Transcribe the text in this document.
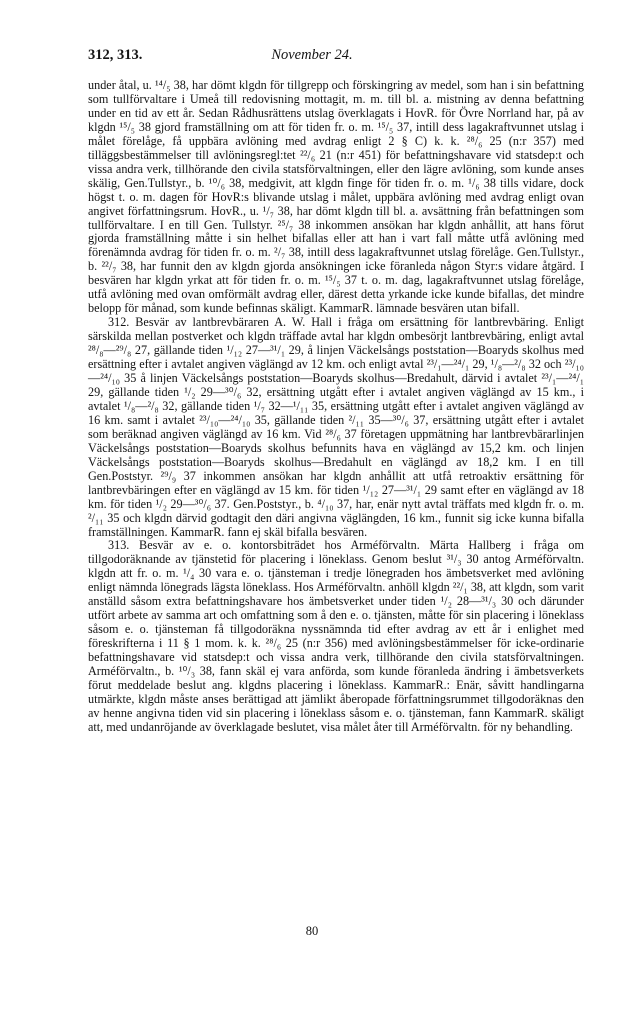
312, 313.	November 24.

under åtal, u. ¹⁴/₅ 38, har dömt klgdn för tillgrepp och förskingring av medel, som han i sin befattning som tullförvaltare i Umeå till redovisning mottagit, m. m. till bl. a. mistning av denna befattning under en tid av ett år. Sedan Rådhusrättens utslag överklagats i HovR. för Övre Norrland har, på av klgdn ¹⁵/₅ 38 gjord framställning om att för tiden fr. o. m. ¹⁵/₅ 37, intill dess lagakraftvunnet utslag i målet förelåge, få uppbära avlöning med avdrag enligt 2 § C) k. k. ²⁸/₆ 25 (n:r 357) med tilläggsbestämmelser till avlöningsregl:tet ²²/₆ 21 (n:r 451) för befattningshavare vid statsdep:t och vissa andra verk, tillhörande den civila statsförvaltningen, eller den lägre avlöning, som kunde anses skälig, Gen.Tullstyr., b. ¹⁰/₆ 38, medgivit, att klgdn finge för tiden fr. o. m. ¹/₆ 38 tills vidare, dock högst t. o. m. dagen för HovR:s blivande utslag i målet, uppbära avlöning med avdrag enligt ovan angivet författningsrum. HovR., u. ¹/₇ 38, har dömt klgdn till bl. a. avsättning från befattningen som tullförvaltare. I en till Gen. Tullstyr. ²⁵/₇ 38 inkommen ansökan har klgdn anhållit, att hans förut gjorda framställning måtte i sin helhet bifallas eller att han i vart fall måtte utfå avlöning med förenämnda avdrag för tiden fr. o. m. ²/₇ 38, intill dess lagakraftvunnet utslag förelåge. Gen.Tullstyr., b. ²²/₇ 38, har funnit den av klgdn gjorda ansökningen icke föranleda någon Styr:s vidare åtgärd. I besvären har klgdn yrkat att för tiden fr. o. m. ¹⁵/₅ 37 t. o. m. dag, lagakraftvunnet utslag förelåge, utfå avlöning med ovan omförmält avdrag eller, därest detta yrkande icke kunde bifallas, det mindre belopp för månad, som kunde befinnas skäligt. KammarR. lämnade besvären utan bifall.

312. Besvär av lantbrevbäraren A. W. Hall i fråga om ersättning för lantbrevbäring. Enligt särskilda mellan postverket och klgdn träffade avtal har klgdn ombesörjt lantbrevbäring, enligt avtal ²⁸/₈—²⁹/₈ 27, gällande tiden ¹/₁₂ 27—³¹/₁ 29, å linjen Väckelsångs poststation—Boaryds skolhus med ersättning efter i avtalet angiven väglängd av 12 km. och enligt avtal ²³/₁—²⁴/₁ 29, ¹/₈—²/₈ 32 och ²³/₁₀—²⁴/₁₀ 35 å linjen Väckelsångs poststation—Boaryds skolhus—Bredahult, därvid i avtalet ²³/₁—²⁴/₁ 29, gällande tiden ¹/₂ 29—³⁰/₆ 32, ersättning utgått efter i avtalet angiven väglängd av 15 km., i avtalet ¹/₈—²/₈ 32, gällande tiden ¹/₇ 32—¹/₁₁ 35, ersättning utgått efter i avtalet angiven väglängd av 16 km. samt i avtalet ²³/₁₀—²⁴/₁₀ 35, gällande tiden ²/₁₁ 35—³⁰/₆ 37, ersättning utgått efter i avtalet som beräknad angiven väglängd av 16 km. Vid ²⁸/₆ 37 företagen uppmätning har lantbrevbärarlinjen Väckelsångs poststation—Boaryds skolhus befunnits hava en väglängd av 15,2 km. och linjen Väckelsångs poststation—Boaryds skolhus—Bredahult en väglängd av 18,2 km. I en till Gen.Poststyr. ²⁹/₉ 37 inkommen ansökan har klgdn anhållit att utfå retroaktiv ersättning för lantbrevbäringen efter en väglängd av 15 km. för tiden ¹/₁₂ 27—³¹/₁ 29 samt efter en väglängd av 18 km. för tiden ¹/₂ 29—³⁰/₆ 37. Gen.Poststyr., b. ⁴/₁₀ 37, har, enär nytt avtal träffats med klgdn fr. o. m. ²/₁₁ 35 och klgdn därvid godtagit den däri angivna väglängden, 16 km., funnit sig icke kunna bifalla framställningen. KammarR. fann ej skäl bifalla besvären.

313. Besvär av e. o. kontorsbiträdet hos Arméförvaltn. Märta Hallberg i fråga om tillgodoräknande av tjänstetid för placering i löneklass. Genom beslut ³¹/₃ 30 antog Arméförvaltn. klgdn att fr. o. m. ¹/₄ 30 vara e. o. tjänsteman i tredje lönegraden hos ämbetsverket med avlöning enligt nämnda lönegrads lägsta löneklass. Hos Arméförvaltn. anhöll klgdn ²²/₁ 38, att klgdn, som varit anställd såsom extra befattningshavare hos ämbetsverket under tiden ¹/₂ 28—³¹/₃ 30 och därunder utfört arbete av samma art och omfattning som å den e. o. tjänsten, måtte för sin placering i löneklass såsom e. o. tjänsteman få tillgodoräkna nyssnämnda tid efter avdrag av ett år i enlighet med föreskrifterna i 11 § 1 mom. k. k. ²⁸/₆ 25 (n:r 356) med avlöningsbestämmelser för icke-ordinarie befattningshavare vid statsdep:t och vissa andra verk, tillhörande den civila statsförvaltningen. Arméförvaltn., b. ¹⁰/₃ 38, fann skäl ej vara anförda, som kunde föranleda ändring i ämbetsverkets förut meddelade beslut ang. klgdns placering i löneklass. KammarR.: Enär, såvitt handlingarna utmärkte, klgdn måste anses berättigad att jämlikt åberopade författningsrummet tillgodoräknas den av henne angivna tiden vid sin placering i löneklass såsom e. o. tjänsteman, fann KammarR. skäligt att, med undanröjande av överklagade beslutet, visa målet åter till Arméförvaltn. för ny behandling.

80
